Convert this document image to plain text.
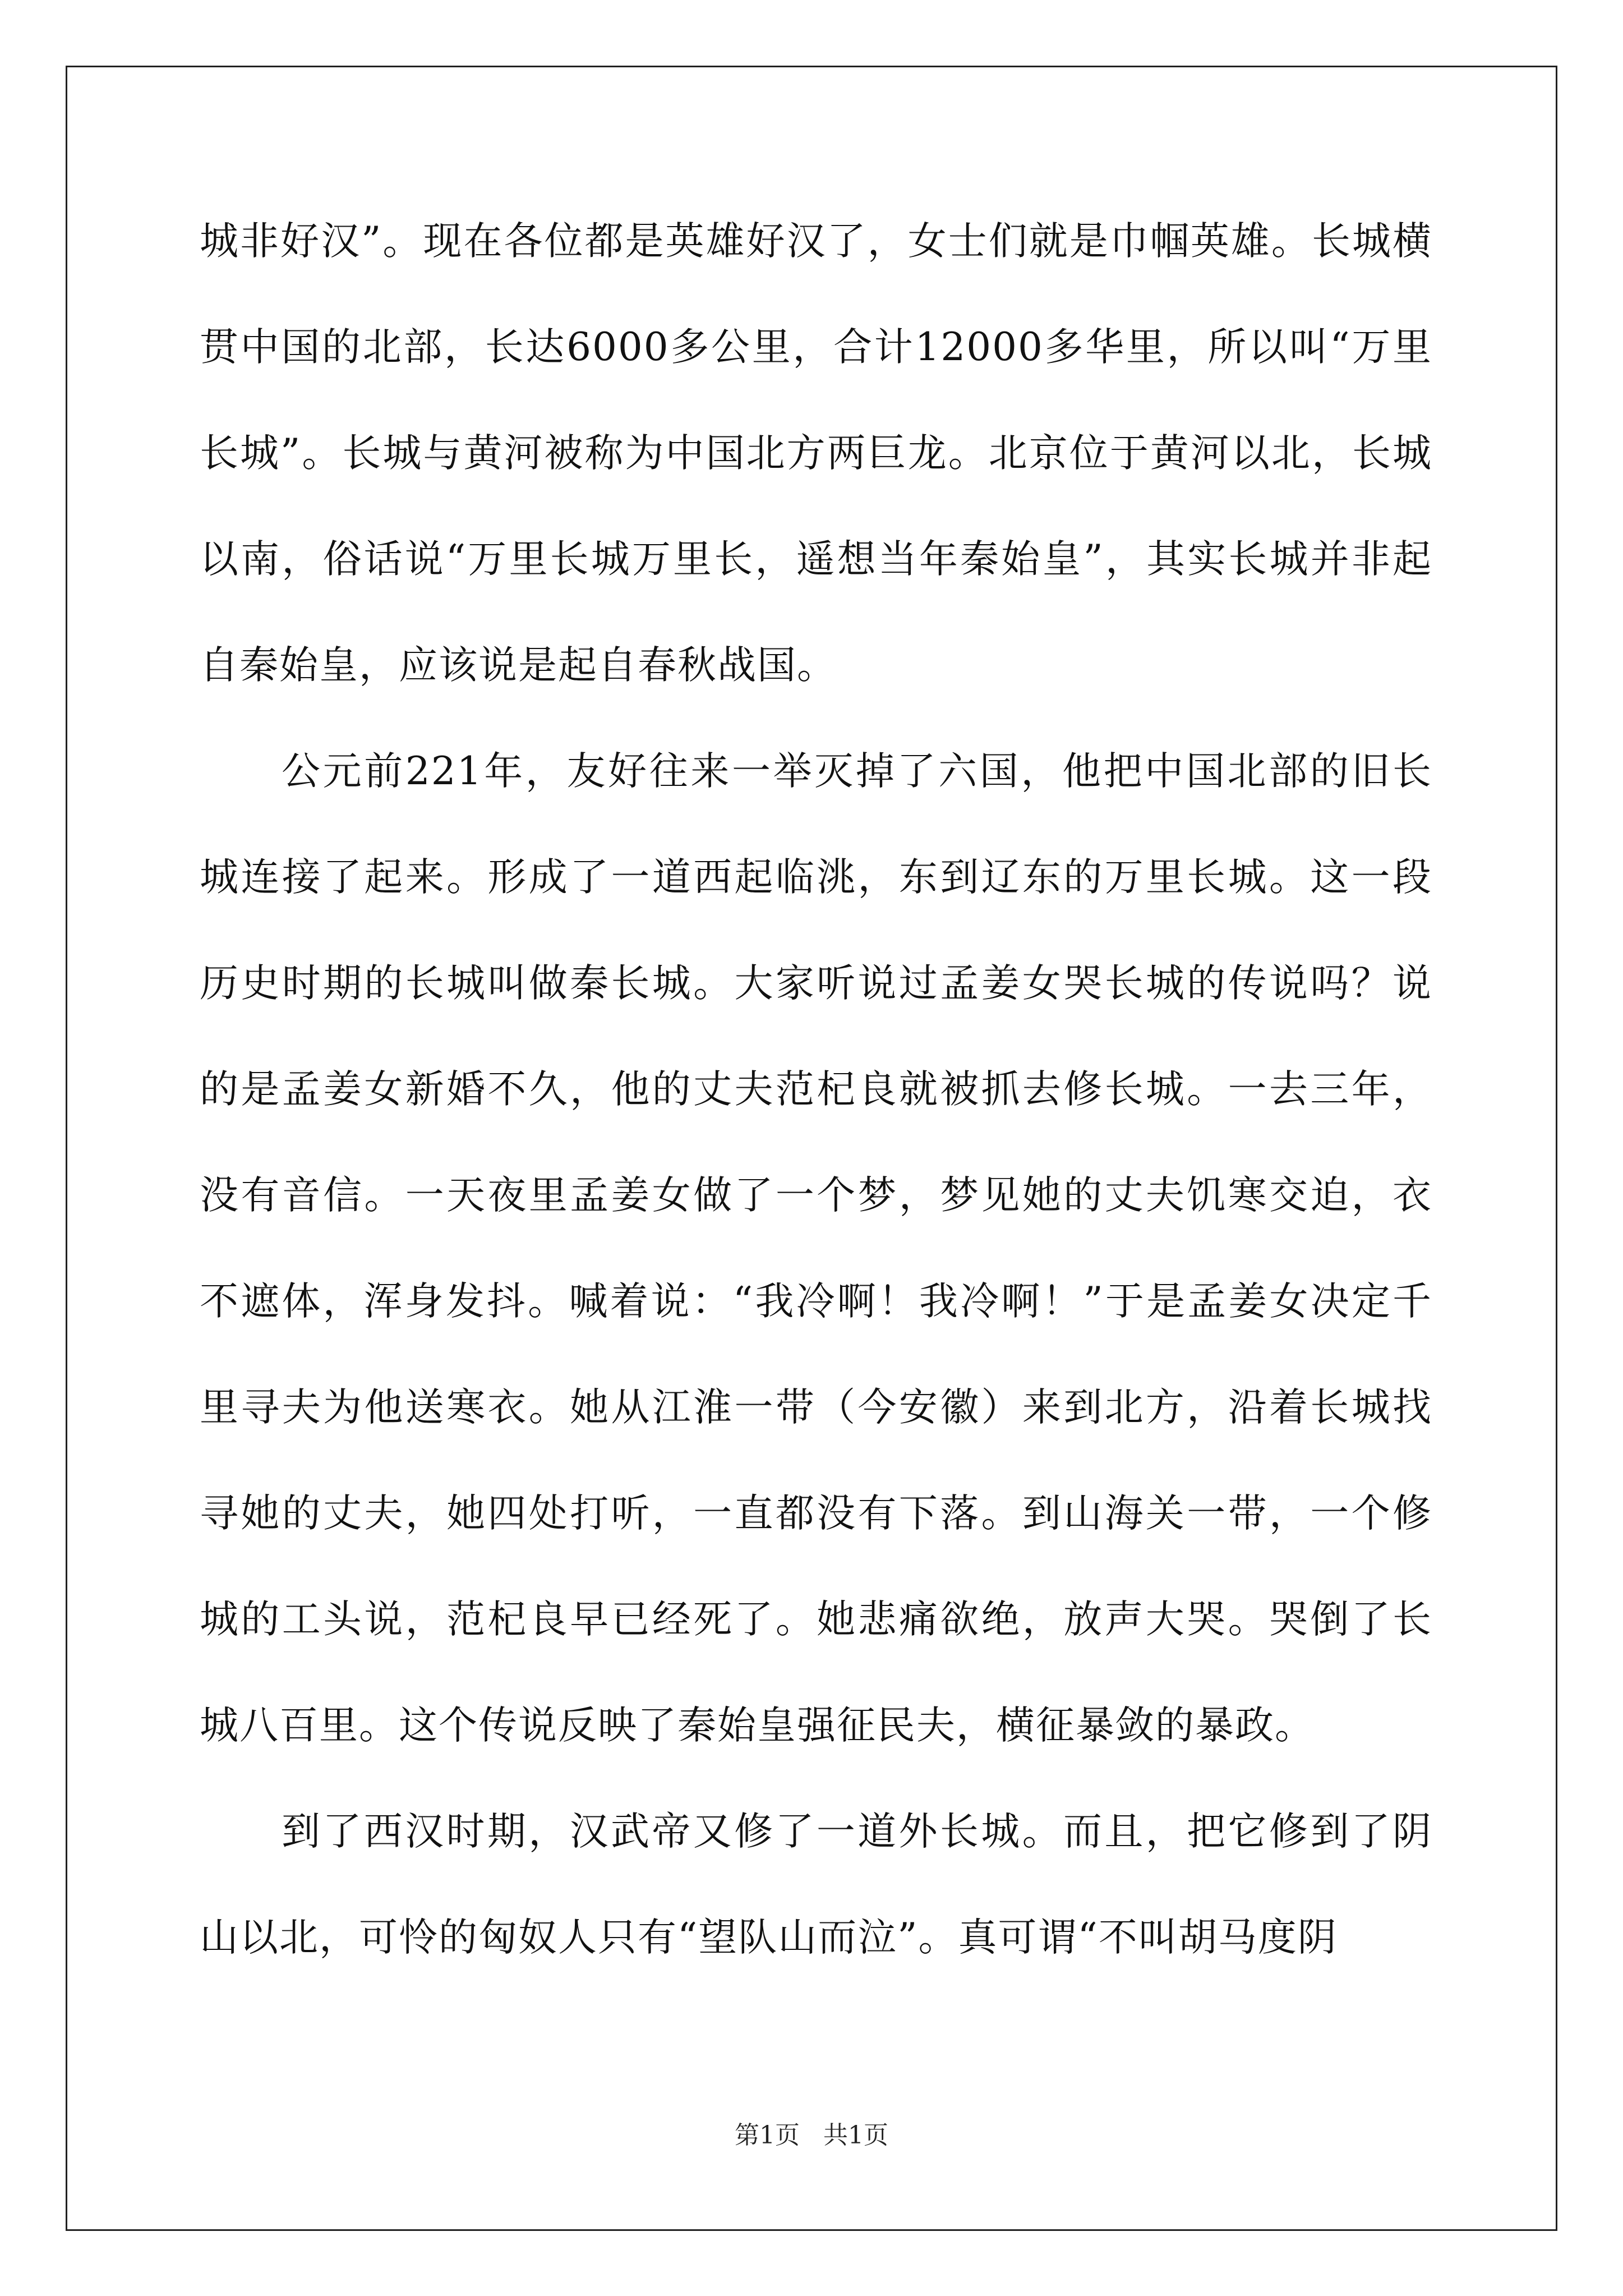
城非好汉”。现在各位都是英雄好汉了，女士们就是巾帼英雄。长城横贯中国的北部，长达6000多公里，合计12000多华里，所以叫“万里长城”。长城与黄河被称为中国北方两巨龙。北京位于黄河以北，长城以南，俗话说“万里长城万里长，遥想当年秦始皇”，其实长城并非起自秦始皇，应该说是起自春秋战国。

公元前221年，友好往来一举灭掉了六国，他把中国北部的旧长城连接了起来。形成了一道西起临洮，东到辽东的万里长城。这一段历史时期的长城叫做秦长城。大家听说过孟姜女哭长城的传说吗？说的是孟姜女新婚不久，他的丈夫范杞良就被抓去修长城。一去三年，没有音信。一天夜里孟姜女做了一个梦，梦见她的丈夫饥寒交迫，衣不遮体，浑身发抖。喊着说：“我冷啊！我冷啊！”于是孟姜女决定千里寻夫为他送寒衣。她从江淮一带（今安徽）来到北方，沿着长城找寻她的丈夫，她四处打听，一直都没有下落。到山海关一带，一个修城的工头说，范杞良早已经死了。她悲痛欲绝，放声大哭。哭倒了长城八百里。这个传说反映了秦始皇强征民夫，横征暴敛的暴政。

到了西汉时期，汉武帝又修了一道外长城。而且，把它修到了阴山以北，可怜的匈奴人只有“望队山而泣”。真可谓“不叫胡马度阴

第1页 共1页
